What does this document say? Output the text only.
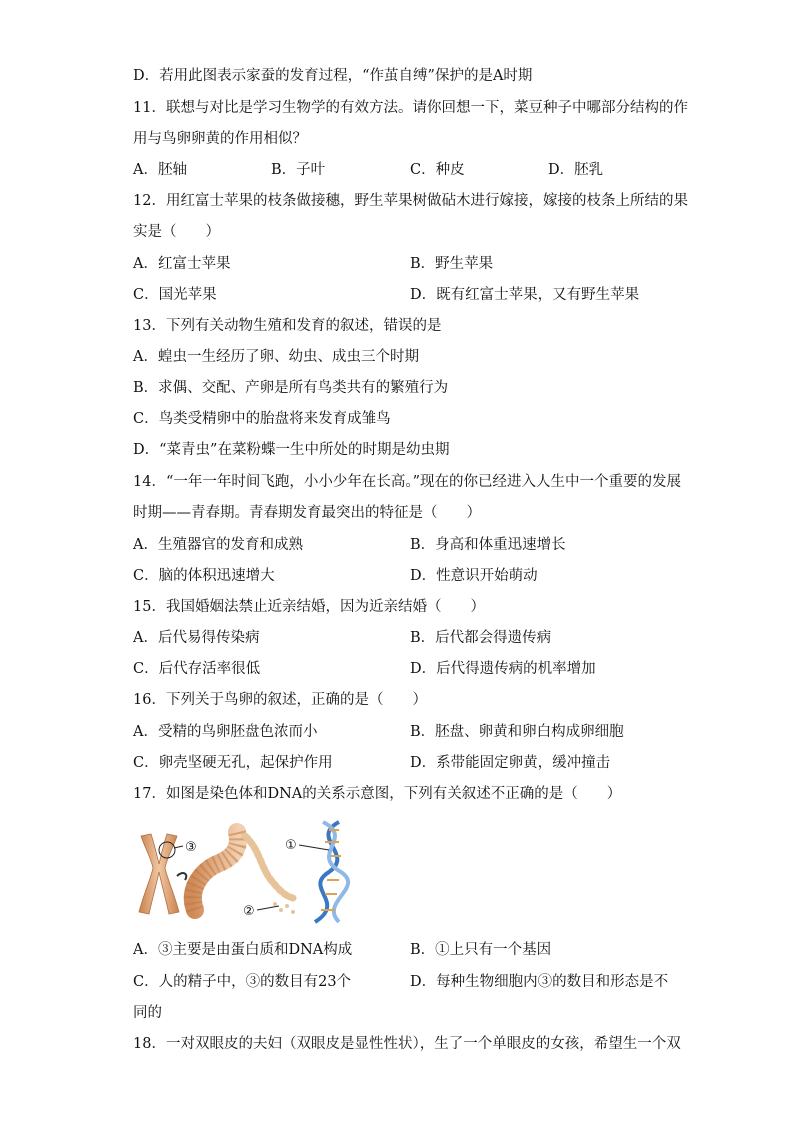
D．若用此图表示家蚕的发育过程，“作茧自缚”保护的是A时期
11．联想与对比是学习生物学的有效方法。请你回想一下，菜豆种子中哪部分结构的作
用与鸟卵卵黄的作用相似？
A．胚轴	B．子叶	C．种皮	D．胚乳
12．用红富士苹果的枝条做接穗，野生苹果树做砧木进行嫁接，嫁接的枝条上所结的果
实是（　　）
A．红富士苹果	B．野生苹果
C．国光苹果	D．既有红富士苹果，又有野生苹果
13．下列有关动物生殖和发育的叙述，错误的是
A．蝗虫一生经历了卵、幼虫、成虫三个时期
B．求偶、交配、产卵是所有鸟类共有的繁殖行为
C．鸟类受精卵中的胎盘将来发育成雏鸟
D．“菜青虫”在菜粉蝶一生中所处的时期是幼虫期
14．“一年一年时间飞跑，小小少年在长高。”现在的你已经进入人生中一个重要的发展
时期——青春期。青春期发育最突出的特征是（　　）
A．生殖器官的发育和成熟	B．身高和体重迅速增长
C．脑的体积迅速增大	D．性意识开始萌动
15．我国婚姻法禁止近亲结婚，因为近亲结婚（　　）
A．后代易得传染病	B．后代都会得遗传病
C．后代存活率很低	D．后代得遗传病的机率增加
16．下列关于鸟卵的叙述，正确的是（　　）
A．受精的鸟卵胚盘色浓而小	B．胚盘、卵黄和卵白构成卵细胞
C．卵壳坚硬无孔，起保护作用	D．系带能固定卵黄，缓冲撞击
17．如图是染色体和DNA的关系示意图，下列有关叙述不正确的是（　　）
③	①
②
A．③主要是由蛋白质和DNA构成	B．①上只有一个基因
C．人的精子中，③的数目有23个	D．每种生物细胞内③的数目和形态是不
同的
18．一对双眼皮的夫妇（双眼皮是显性性状），生了一个单眼皮的女孩，希望生一个双
